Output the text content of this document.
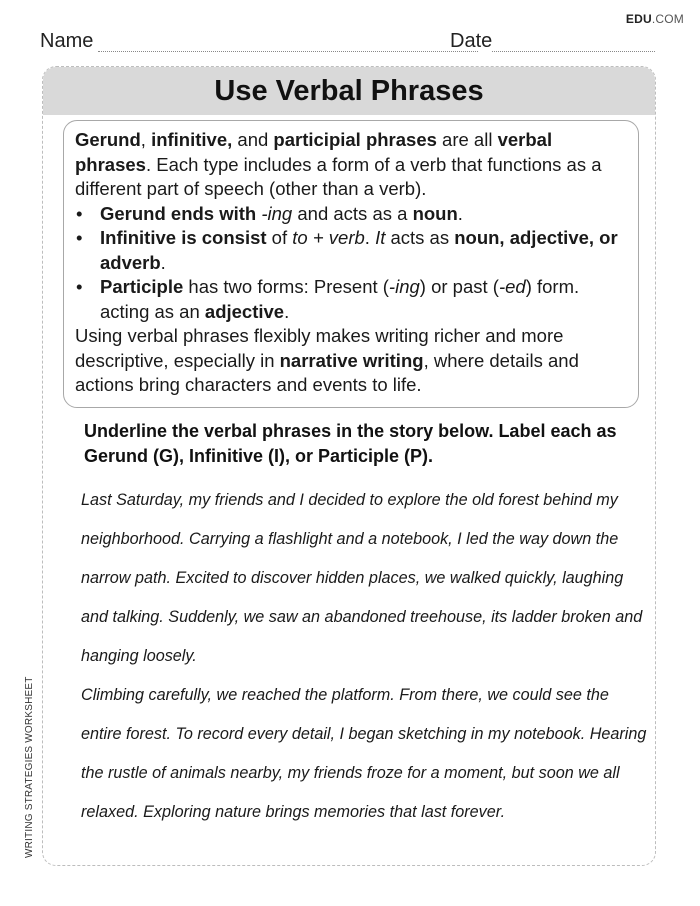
EDU.COM
Name	Date
Use Verbal Phrases

Gerund, infinitive, and participial phrases are all verbal phrases. Each type includes a form of a verb that functions as a different part of speech (other than a verb).

• Gerund ends with -ing and acts as a noun.
• Infinitive is consist of to + verb. It acts as noun, adjective, or adverb.
• Participle has two forms: Present (-ing) or past (-ed) form. acting as an adjective.

Using verbal phrases flexibly makes writing richer and more descriptive, especially in narrative writing, where details and actions bring characters and events to life.

Underline the verbal phrases in the story below. Label each as Gerund (G), Infinitive (I), or Participle (P).

Last Saturday, my friends and I decided to explore the old forest behind my neighborhood. Carrying a flashlight and a notebook, I led the way down the narrow path. Excited to discover hidden places, we walked quickly, laughing and talking. Suddenly, we saw an abandoned treehouse, its ladder broken and hanging loosely.

Climbing carefully, we reached the platform. From there, we could see the entire forest. To record every detail, I began sketching in my notebook. Hearing the rustle of animals nearby, my friends froze for a moment, but soon we all relaxed. Exploring nature brings memories that last forever.

WRITING STRATEGIES WORKSHEET
